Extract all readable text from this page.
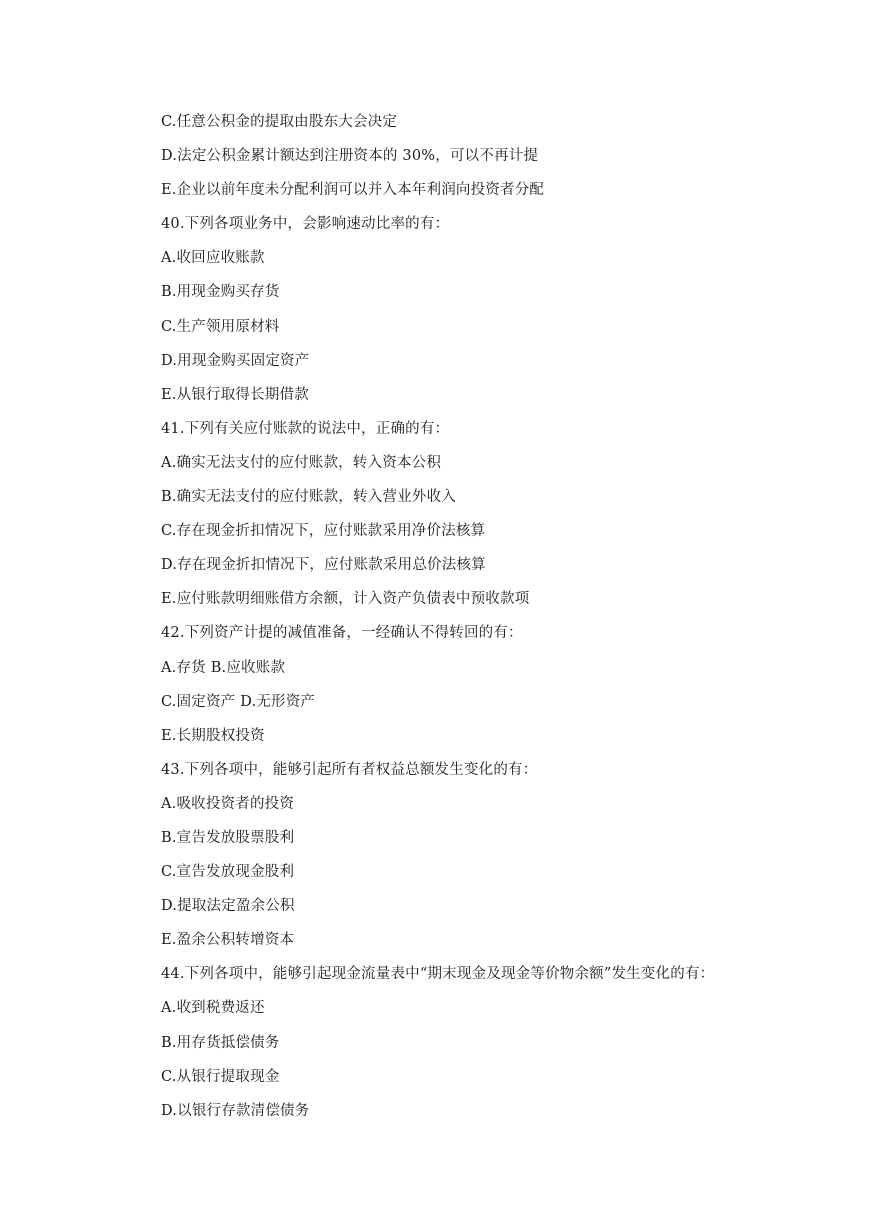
C.任意公积金的提取由股东大会决定
D.法定公积金累计额达到注册资本的 30%，可以不再计提
E.企业以前年度未分配利润可以并入本年利润向投资者分配
40.下列各项业务中，会影响速动比率的有：
A.收回应收账款
B.用现金购买存货
C.生产领用原材料
D.用现金购买固定资产
E.从银行取得长期借款
41.下列有关应付账款的说法中，正确的有：
A.确实无法支付的应付账款，转入资本公积
B.确实无法支付的应付账款，转入营业外收入
C.存在现金折扣情况下，应付账款采用净价法核算
D.存在现金折扣情况下，应付账款采用总价法核算
E.应付账款明细账借方余额，计入资产负债表中预收款项
42.下列资产计提的减值准备，一经确认不得转回的有：
A.存货 B.应收账款
C.固定资产 D.无形资产
E.长期股权投资
43.下列各项中，能够引起所有者权益总额发生变化的有：
A.吸收投资者的投资
B.宣告发放股票股利
C.宣告发放现金股利
D.提取法定盈余公积
E.盈余公积转增资本
44.下列各项中，能够引起现金流量表中“期末现金及现金等价物余额”发生变化的有：
A.收到税费返还
B.用存货抵偿债务
C.从银行提取现金
D.以银行存款清偿债务
